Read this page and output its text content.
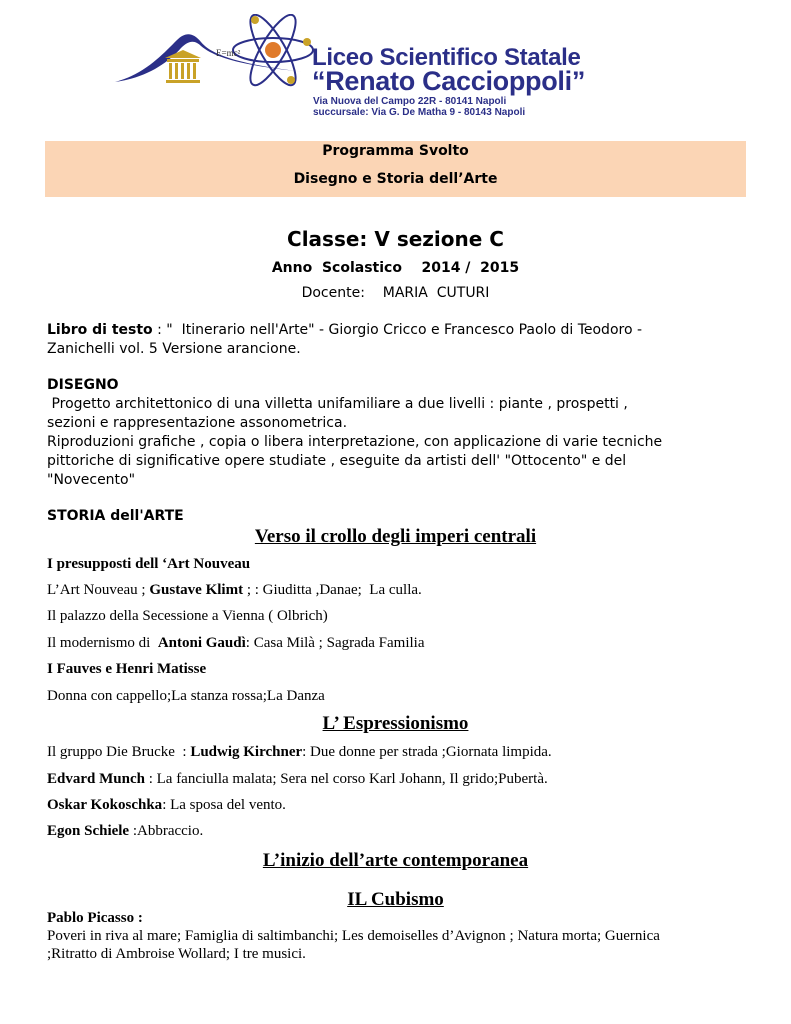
E=mc²	Liceo Scientifico Statale
“Renato Caccioppoli”
Via Nuova del Campo 22R - 80141 Napoli
succursale: Via G. De Matha 9 - 80143 Napoli
Programma Svolto
Disegno e Storia dell’Arte
Classe: V sezione C
Anno  Scolastico 2014 /  2015
Docente: MARIA  CUTURI
Libro di testo : "  Itinerario nell'Arte" - Giorgio Cricco e Francesco Paolo di Teodoro -
Zanichelli vol. 5 Versione arancione.
DISEGNO
Progetto architettonico di una villetta unifamiliare a due livelli : piante , prospetti ,
sezioni e rappresentazione assonometrica.
Riproduzioni grafiche , copia o libera interpretazione, con applicazione di varie tecniche
pittoriche di significative opere studiate , eseguite da artisti dell' "Ottocento" e del
"Novecento"
STORIA dell'ARTE
Verso il crollo degli imperi centrali
I presupposti dell ‘Art Nouveau
L’Art Nouveau ; Gustave Klimt ; : Giuditta ,Danae;  La culla.
Il palazzo della Secessione a Vienna ( Olbrich)
Il modernismo di  Antoni Gaudì: Casa Milà ; Sagrada Familia
I Fauves e Henri Matisse
Donna con cappello;La stanza rossa;La Danza
L’ Espressionismo
Il gruppo Die Brucke  : Ludwig Kirchner: Due donne per strada ;Giornata limpida.
Edvard Munch : La fanciulla malata; Sera nel corso Karl Johann, Il grido;Pubertà.
Oskar Kokoschka: La sposa del vento.
Egon Schiele :Abbraccio.
L’inizio dell’arte contemporanea
IL Cubismo
Pablo Picasso :
Poveri in riva al mare; Famiglia di saltimbanchi; Les demoiselles d’Avignon ; Natura morta; Guernica
;Ritratto di Ambroise Wollard; I tre musici.
